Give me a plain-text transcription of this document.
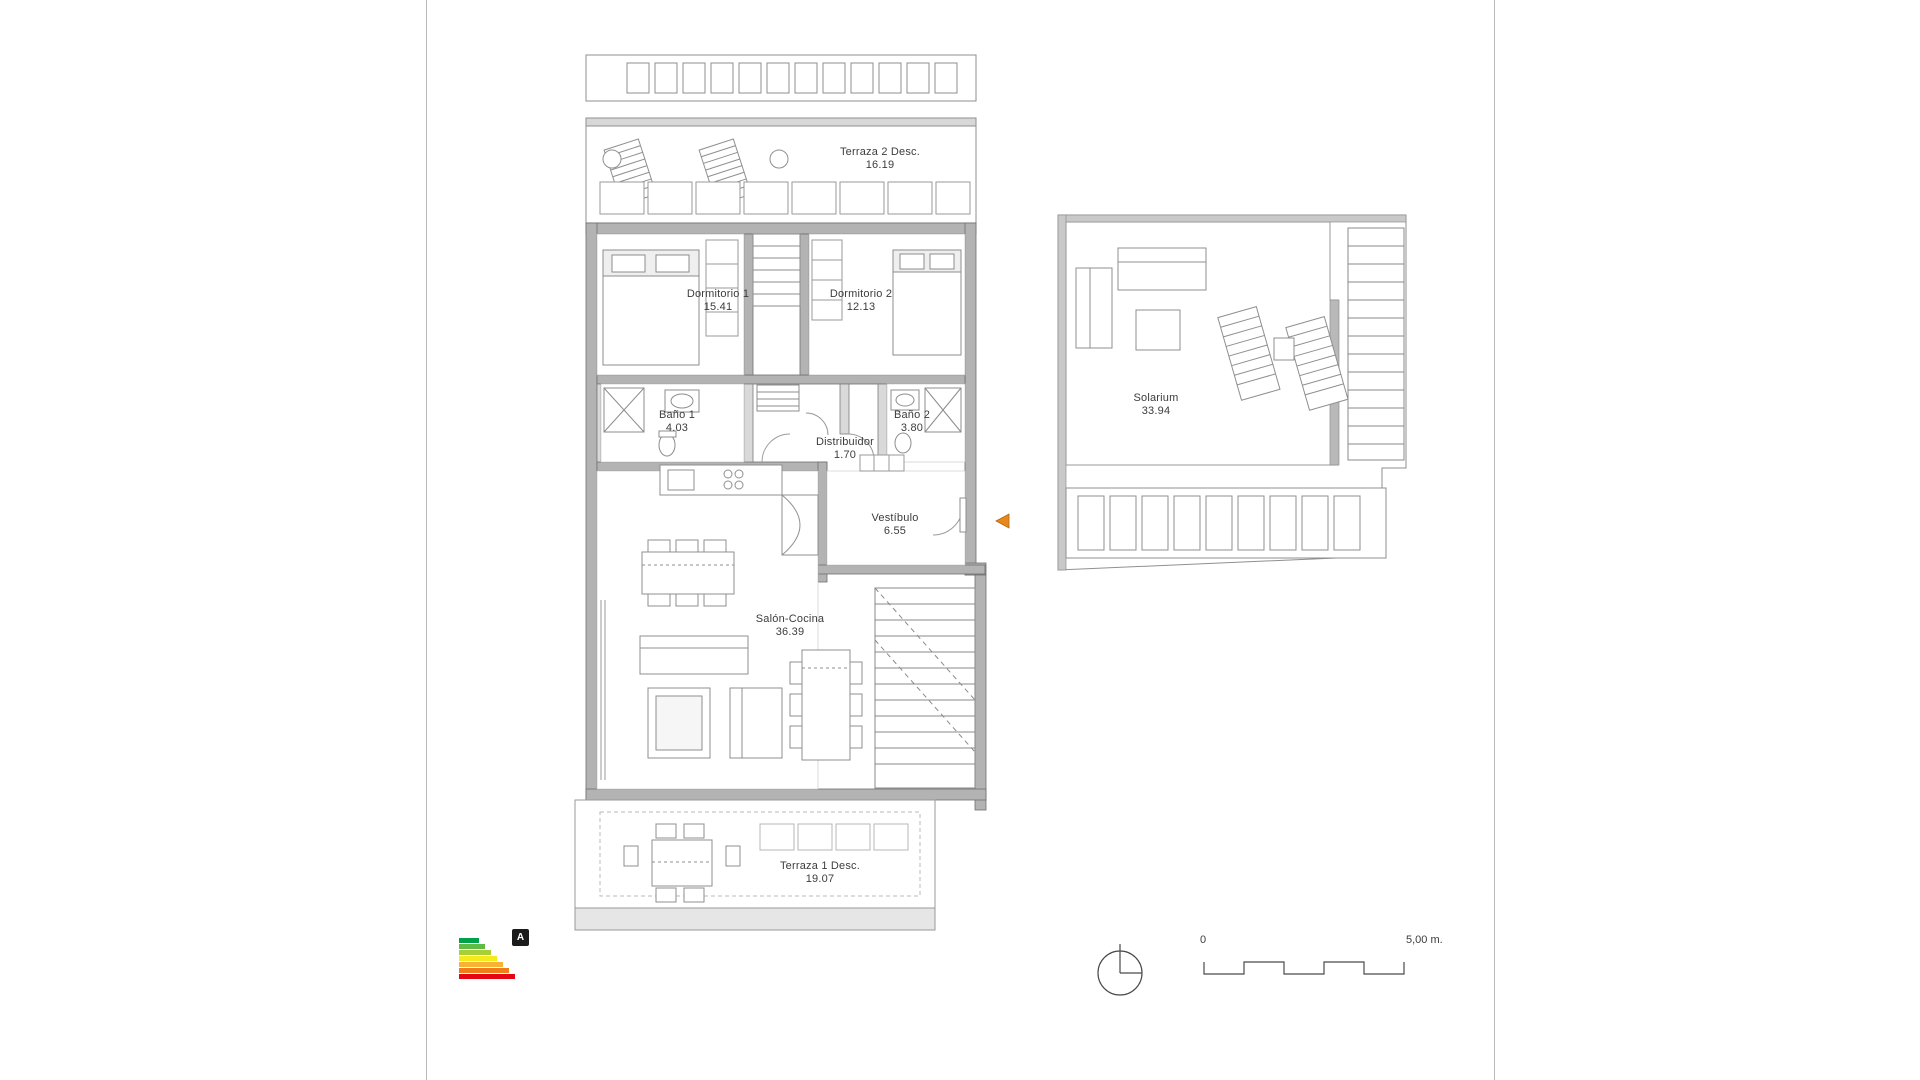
Terraza 2 Desc.
16.19
Dormitorio 1
15.41
Dormitorio 2
12.13
Baño 1
4.03
Baño 2
3.80
Distribuidor
1.70
Vestíbulo
6.55
Salón-Cocina
36.39
Terraza 1 Desc.
19.07
Solarium
33.94
A	0	5,00 m.
